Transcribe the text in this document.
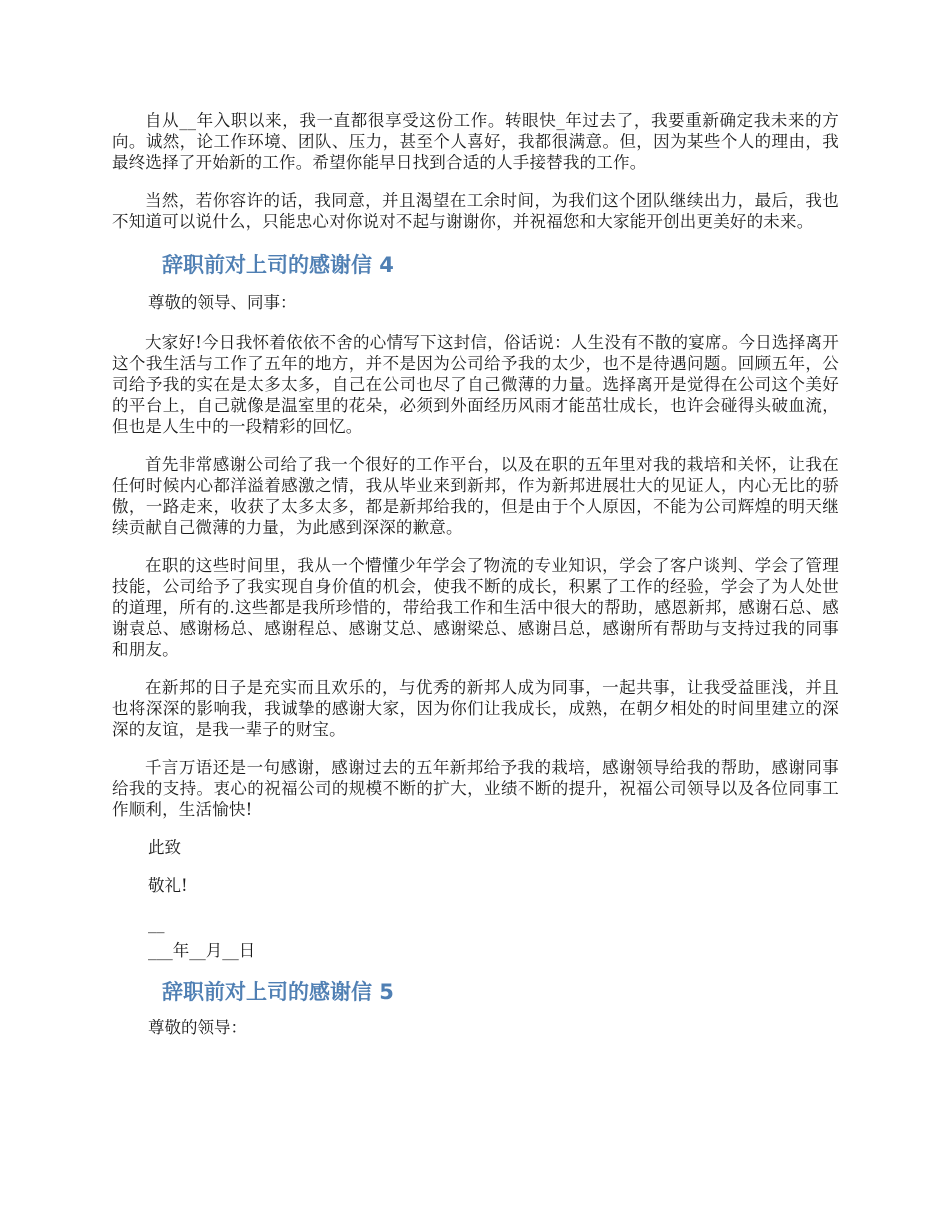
自从__年入职以来，我一直都很享受这份工作。转眼快_年过去了，我要重新确定我未来的方向。诚然，论工作环境、团队、压力，甚至个人喜好，我都很满意。但，因为某些个人的理由，我最终选择了开始新的工作。希望你能早日找到合适的人手接替我的工作。

当然，若你容许的话，我同意，并且渴望在工余时间，为我们这个团队继续出力，最后，我也不知道可以说什么，只能忠心对你说对不起与谢谢你，并祝福您和大家能开创出更美好的未来。

辞职前对上司的感谢信 4

尊敬的领导、同事：

大家好!今日我怀着依依不舍的心情写下这封信，俗话说：人生没有不散的宴席。今日选择离开这个我生活与工作了五年的地方，并不是因为公司给予我的太少，也不是待遇问题。回顾五年，公司给予我的实在是太多太多，自己在公司也尽了自己微薄的力量。选择离开是觉得在公司这个美好的平台上，自己就像是温室里的花朵，必须到外面经历风雨才能茁壮成长，也许会碰得头破血流，但也是人生中的一段精彩的回忆。

首先非常感谢公司给了我一个很好的工作平台，以及在职的五年里对我的栽培和关怀，让我在任何时候内心都洋溢着感激之情，我从毕业来到新邦，作为新邦进展壮大的见证人，内心无比的骄傲，一路走来，收获了太多太多，都是新邦给我的，但是由于个人原因，不能为公司辉煌的明天继续贡献自己微薄的力量，为此感到深深的歉意。

在职的这些时间里，我从一个懵懂少年学会了物流的专业知识，学会了客户谈判、学会了管理技能，公司给予了我实现自身价值的机会，使我不断的成长，积累了工作的经验，学会了为人处世的道理，所有的.这些都是我所珍惜的，带给我工作和生活中很大的帮助，感恩新邦，感谢石总、感谢袁总、感谢杨总、感谢程总、感谢艾总、感谢梁总、感谢吕总，感谢所有帮助与支持过我的同事和朋友。

在新邦的日子是充实而且欢乐的，与优秀的新邦人成为同事，一起共事，让我受益匪浅，并且也将深深的影响我，我诚挚的感谢大家，因为你们让我成长，成熟，在朝夕相处的时间里建立的深深的友谊，是我一辈子的财宝。

千言万语还是一句感谢，感谢过去的五年新邦给予我的栽培，感谢领导给我的帮助，感谢同事给我的支持。衷心的祝福公司的规模不断的扩大，业绩不断的提升，祝福公司领导以及各位同事工作顺利，生活愉快!

此致

敬礼!

__

___年__月__日

辞职前对上司的感谢信 5

尊敬的领导：
